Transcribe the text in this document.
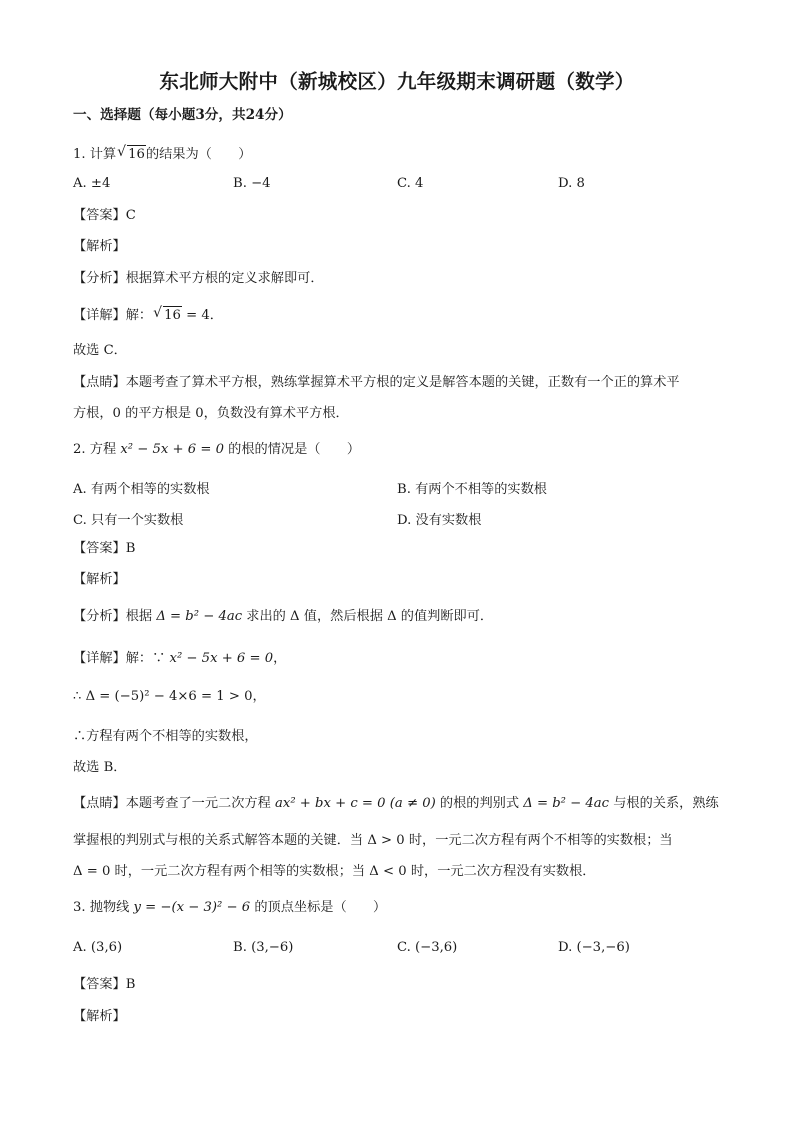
东北师大附中（新城校区）九年级期末调研题（数学）
一、选择题（每小题3分，共24分）
1. 计算 √ 16的结果为（　　）
A. ±4	B. −4	C. 4	D. 8
【答案】C
【解析】
【分析】根据算术平方根的定义求解即可．
【详解】解： √ 16 = 4．
故选 C．
【点睛】本题考查了算术平方根，熟练掌握算术平方根的定义是解答本题的关键，正数有一个正的算术平
方根，0 的平方根是 0，负数没有算术平方根．
2. 方程 x² − 5x + 6 = 0 的根的情况是（　　）
A. 有两个相等的实数根	B. 有两个不相等的实数根
C. 只有一个实数根	D. 没有实数根
【答案】B
【解析】
【分析】根据 Δ = b² − 4ac 求出的 Δ 值，然后根据 Δ 的值判断即可．
【详解】解：∵ x² − 5x + 6 = 0，
∴ Δ = (−5)² − 4×6 = 1 > 0，
∴方程有两个不相等的实数根，
故选 B．
【点睛】本题考查了一元二次方程 ax² + bx + c = 0 (a ≠ 0) 的根的判别式 Δ = b² − 4ac 与根的关系，熟练
掌握根的判别式与根的关系式解答本题的关键．当 Δ > 0 时，一元二次方程有两个不相等的实数根；当
Δ = 0 时，一元二次方程有两个相等的实数根；当 Δ < 0 时，一元二次方程没有实数根．
3. 抛物线 y = −(x − 3)² − 6 的顶点坐标是（　　）
A. (3,6)	B. (3,−6)	C. (−3,6)	D. (−3,−6)
【答案】B
【解析】
